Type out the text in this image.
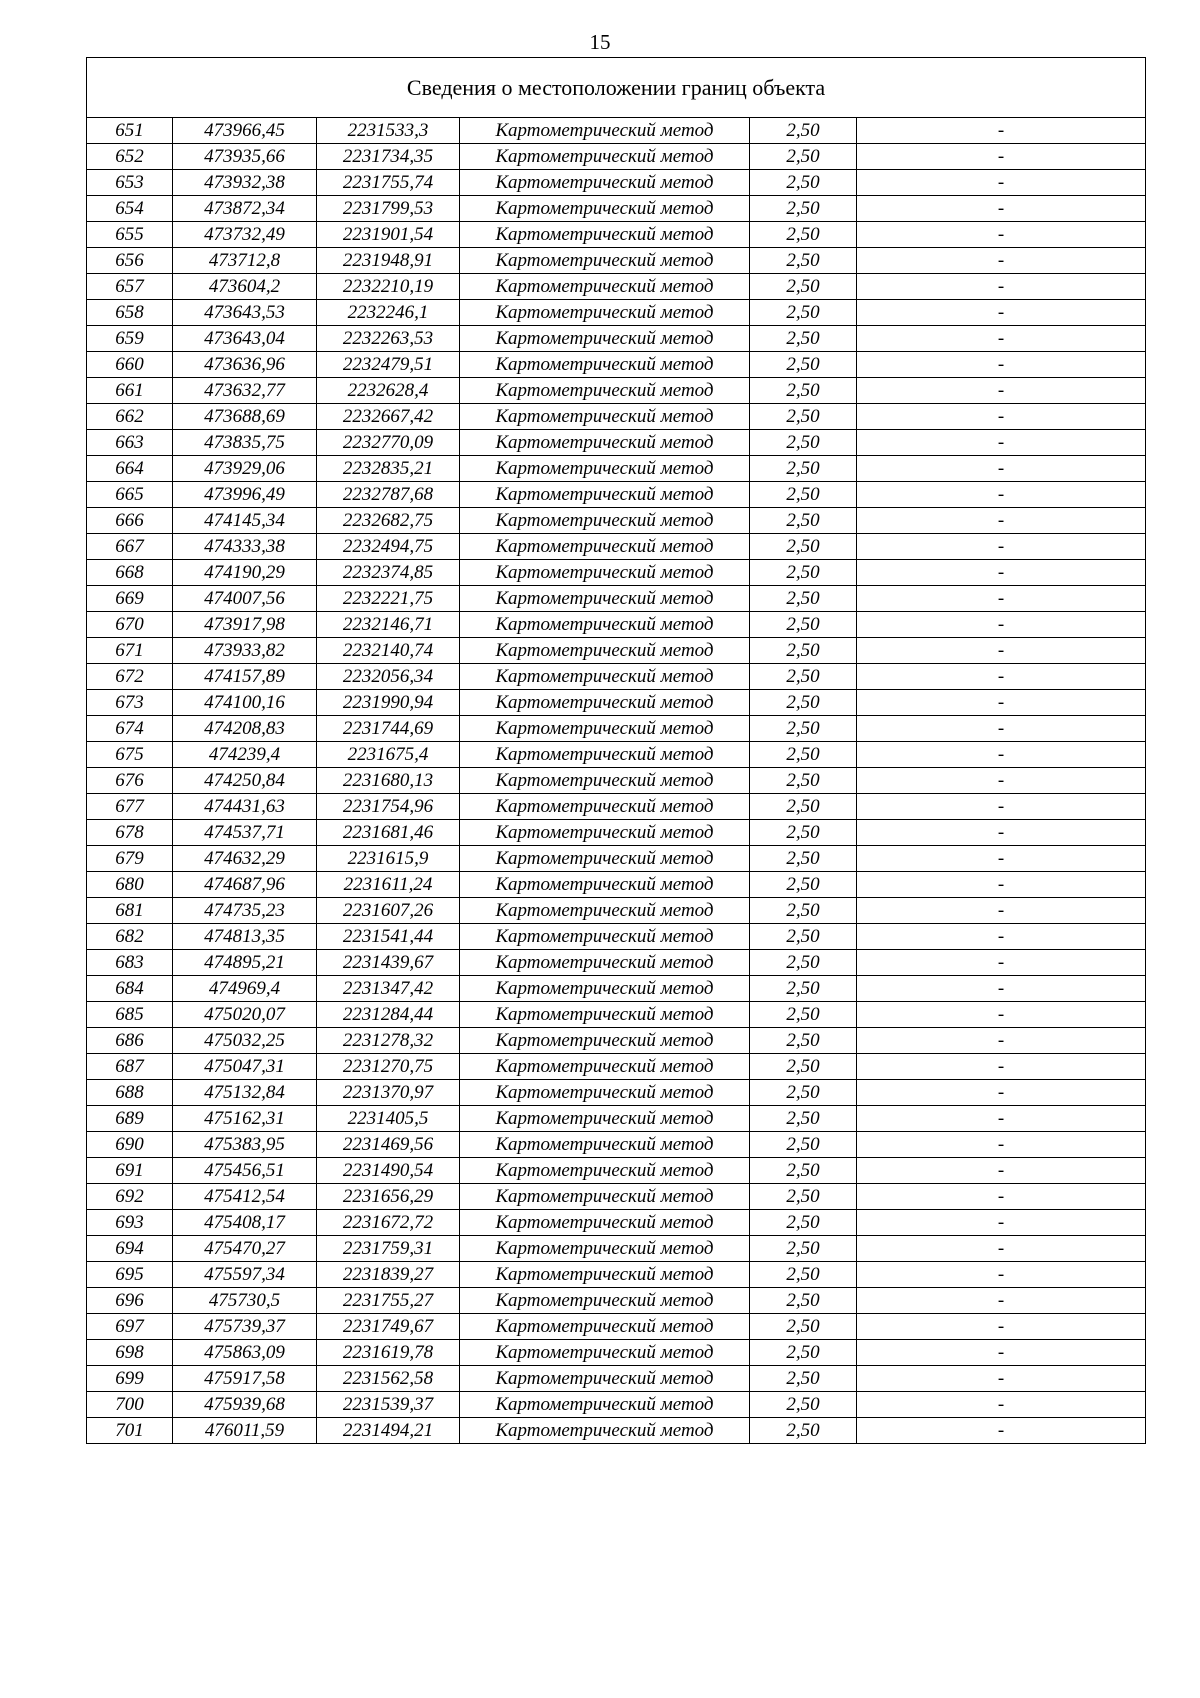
15
Сведения о местоположении границ объекта					
651	473966,45	2231533,3	Картометрический метод	2,50	-
652	473935,66	2231734,35	Картометрический метод	2,50	-
653	473932,38	2231755,74	Картометрический метод	2,50	-
654	473872,34	2231799,53	Картометрический метод	2,50	-
655	473732,49	2231901,54	Картометрический метод	2,50	-
656	473712,8	2231948,91	Картометрический метод	2,50	-
657	473604,2	2232210,19	Картометрический метод	2,50	-
658	473643,53	2232246,1	Картометрический метод	2,50	-
659	473643,04	2232263,53	Картометрический метод	2,50	-
660	473636,96	2232479,51	Картометрический метод	2,50	-
661	473632,77	2232628,4	Картометрический метод	2,50	-
662	473688,69	2232667,42	Картометрический метод	2,50	-
663	473835,75	2232770,09	Картометрический метод	2,50	-
664	473929,06	2232835,21	Картометрический метод	2,50	-
665	473996,49	2232787,68	Картометрический метод	2,50	-
666	474145,34	2232682,75	Картометрический метод	2,50	-
667	474333,38	2232494,75	Картометрический метод	2,50	-
668	474190,29	2232374,85	Картометрический метод	2,50	-
669	474007,56	2232221,75	Картометрический метод	2,50	-
670	473917,98	2232146,71	Картометрический метод	2,50	-
671	473933,82	2232140,74	Картометрический метод	2,50	-
672	474157,89	2232056,34	Картометрический метод	2,50	-
673	474100,16	2231990,94	Картометрический метод	2,50	-
674	474208,83	2231744,69	Картометрический метод	2,50	-
675	474239,4	2231675,4	Картометрический метод	2,50	-
676	474250,84	2231680,13	Картометрический метод	2,50	-
677	474431,63	2231754,96	Картометрический метод	2,50	-
678	474537,71	2231681,46	Картометрический метод	2,50	-
679	474632,29	2231615,9	Картометрический метод	2,50	-
680	474687,96	2231611,24	Картометрический метод	2,50	-
681	474735,23	2231607,26	Картометрический метод	2,50	-
682	474813,35	2231541,44	Картометрический метод	2,50	-
683	474895,21	2231439,67	Картометрический метод	2,50	-
684	474969,4	2231347,42	Картометрический метод	2,50	-
685	475020,07	2231284,44	Картометрический метод	2,50	-
686	475032,25	2231278,32	Картометрический метод	2,50	-
687	475047,31	2231270,75	Картометрический метод	2,50	-
688	475132,84	2231370,97	Картометрический метод	2,50	-
689	475162,31	2231405,5	Картометрический метод	2,50	-
690	475383,95	2231469,56	Картометрический метод	2,50	-
691	475456,51	2231490,54	Картометрический метод	2,50	-
692	475412,54	2231656,29	Картометрический метод	2,50	-
693	475408,17	2231672,72	Картометрический метод	2,50	-
694	475470,27	2231759,31	Картометрический метод	2,50	-
695	475597,34	2231839,27	Картометрический метод	2,50	-
696	475730,5	2231755,27	Картометрический метод	2,50	-
697	475739,37	2231749,67	Картометрический метод	2,50	-
698	475863,09	2231619,78	Картометрический метод	2,50	-
699	475917,58	2231562,58	Картометрический метод	2,50	-
700	475939,68	2231539,37	Картометрический метод	2,50	-
701	476011,59	2231494,21	Картометрический метод	2,50	-
